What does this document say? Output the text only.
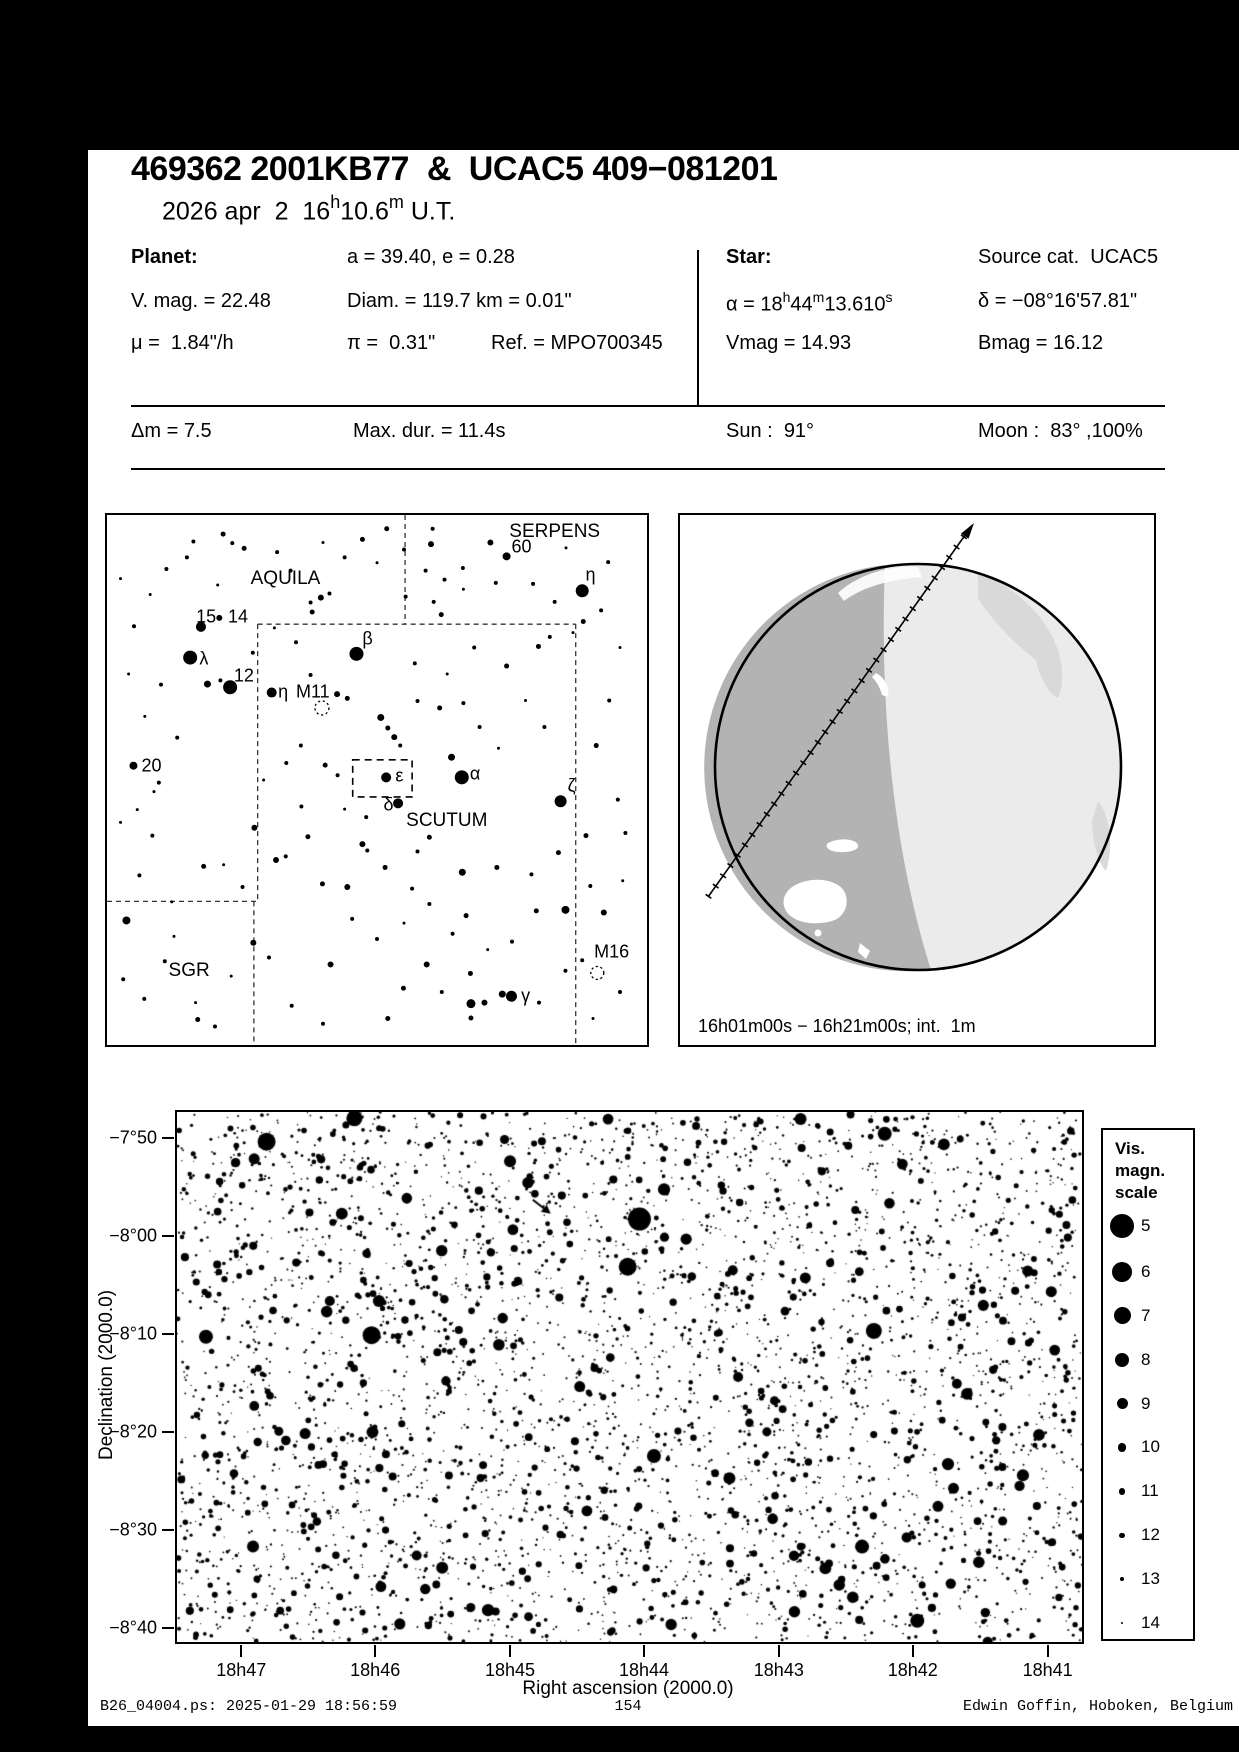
469362 2001KB77  &  UCAC5 409−081201
2026 apr  2  16$^h$10.6$^m$ U.T.
Planet:	a = 39.40, e = 0.28
V. mag. = 22.48	Diam. = 119.7 km = 0.01"
μ =  1.84"/h	π =  0.31"	Ref. = MPO700345
Star:	Source cat.  UCAC5
$\alpha = 18^h44^m13.610^s$	δ = −08°16'57.81"
Vmag = 14.93	Bmag = 16.12
Δm = 7.5	Max. dur. = 11.4s	Sun :  91°	Moon :  83° ,100%
SERPENS
60
η
AQUILA
15 14
λ
12
η M11
β
20
ε	α
δ
SCUTUM
ζ
SGR
γ
M16
16h01m00s − 16h21m00s; int.  1m
−7°50
−8°00
−8°10
−8°20
−8°30
−8°40
18h47	18h46	18h45	18h44	18h43	18h42	18h41
Declination (2000.0)
Right ascension (2000.0)
Vis.
magn.
scale
5
6
7
8
9
10
11
12
13
14
B26_04004.ps: 2025-01-29 18:56:59	154	Edwin Goffin, Hoboken, Belgium
